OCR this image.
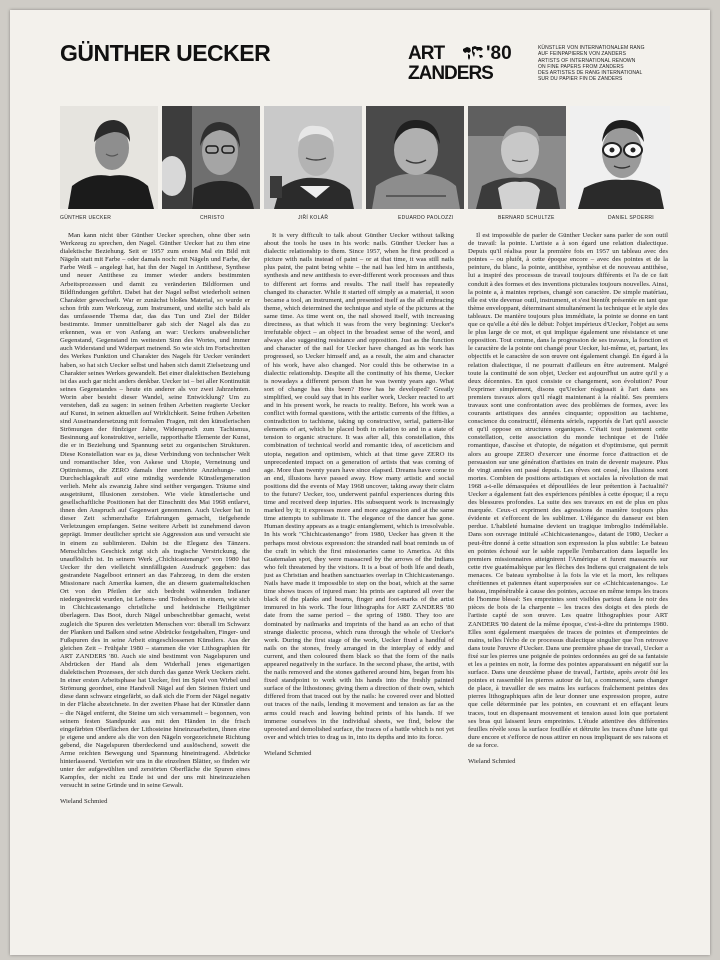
GÜNTHER UECKER	ART '80
ZANDERS
KÜNSTLER VON INTERNATIONALEM RANG
AUF FEINPAPIEREN VON ZANDERS
ARTISTS OF INTERNATIONAL RENOWN
ON FINE PAPERS FROM ZANDERS
DES ARTISTES DE RANG INTERNATIONAL
SUR DU PAPIER FIN DE ZANDERS
GÜNTHER UECKER	CHRISTO	JIŘÍ KOLÁŘ	EDUARDO PAOLOZZI	BERNARD SCHULTZE	DANIEL SPOERRI

Man kann nicht über Günther Uecker sprechen, ohne über sein Werkzeug zu sprechen, den Nagel. Günther Uecker hat zu ihm eine dialektische Beziehung. Seit er 1957 zum ersten Mal ein Bild mit Nägeln statt mit Farbe – oder damals noch: mit Nägeln und Farbe, der Farbe Weiß – angelegt hat, hat ihn der Nagel in Antithese, Synthese und neuer Antithese zu immer wieder anders bestimmten Arbeitsprozessen und damit zu veränderten Bildformen und Bildfindungen geführt. Dabei hat der Nagel selbst wiederholt seinen Charakter gewechselt. War er zunächst bloßes Material, so wurde er schon früh zum Werkzeug, zum Instrument, und stellte sich bald als das umfassende Thema dar, das das Tun und Ziel der Bilder bestimmte. Immer unmittelbarer gab sich der Nagel als das zu erkennen, was er von Anfang an war: Ueckers unabweislicher Gegenstand, Gegenstand im weitesten Sinn des Wortes, und immer auch Widerstand und Widerpart meinend. So wie sich im Fortschreiten des Werkes Funktion und Charakter des Nagels für Uecker verändert haben, so hat sich Uecker selbst und haben sich damit Zielsetzung und Charakter seines Werkes gewandelt. Bei einer dialektischen Beziehung ist das auch gar nicht anders denkbar. Uecker ist – bei aller Kontinuität seines Gegenstandes – heute ein anderer als vor zwei Jahrzehnten. Worin aber besteht dieser Wandel, seine Entwicklung? Um zu verstehen, daß zu sagen: in seinen frühen Arbeiten reagierte Uecker auf Kunst, in seinen aktuellen auf Wirklichkeit. Seine frühen Arbeiten sind Auseinandersetzung mit formalen Fragen, mit den künstlerischen Strömungen der fünfziger Jahre, Widerspruch zum Tachismus, Besinnung auf konstruktive, serielle, rapporthafte Elemente der Kunst, die er in Beziehung und Spannung setzt zu organischen Strukturen. Diese Konstellation war es ja, diese Verbindung von technischer Welt und romantischer Idee, von Askese und Utopie, Verneinung und Optimismus, die ZERO damals ihre unerhörte Anziehungs- und Durchschlagskraft auf eine mündig werdende Künstlergeneration verlieh. Mehr als zwanzig Jahre sind seither vergangen. Träume sind ausgeträumt, Illusionen zerstoben. Wie viele künstlerische und gesellschaftliche Positionen hat der Einschnitt des Mai 1968 entlarvt, ihnen den Anspruch auf Gegenwart genommen. Auch Uecker hat in dieser Zeit schmerzhafte Erfahrungen gemacht, tiefgehende Verletzungen empfangen. Seine weitere Arbeit ist zunehmend davon geprägt. Immer deutlicher spricht sie Aggression aus und versucht sie in einem zu sublimieren. Dahin ist die Eleganz des Tänzers. Menschliches Geschick zeigt sich als tragische Verstrickung, die unauflöslich ist. In seinem Werk „Chichicastenango“ von 1980 hat Uecker ihr den vielleicht sinnfälligsten Ausdruck gegeben: das gestrandete Nagelboot erinnert an das Fahrzeug, in dem die ersten Missionare nach Amerika kamen, die an diesem guatemaltekischen Ort von den Pfeilen der sich bedroht wähnenden Indianer niedergestreckt wurden, ist Lebens- und Todesboot in einem, wie sich in Chichicastenango christliche und heidnische Heiligtümer überlagern. Das Boot, durch Nägel unbeschreibbar gemacht, weist zugleich die Spuren des verletzten Menschen vor: überall im Schwarz der Planken und Balken sind seine Abdrücke festgehalten, Finger- und Fußspuren des in seine Arbeit eingeschlossenen Künstlers. Aus der gleichen Zeit – Frühjahr 1980 – stammen die vier Lithographien für ART ZANDERS '80. Auch sie sind bestimmt von Nagelspuren und Abdrücken der Hand als dem Widerhall jenes eigenartigen dialektischen Prozesses, der sich durch das ganze Werk Ueckers zieht. In einer ersten Arbeitsphase hat Uecker, frei im Spiel von Wirbel und Strömung geordnet, eine Handvoll Nägel auf den Steinen fixiert und diese dann schwarz eingefärbt, so daß sich die Form der Nägel negativ in der Fläche abzeichnete. In der zweiten Phase hat der Künstler dann – die Nägel entfernt, die Steine um sich versammelt – begonnen, von seinem festen Standpunkt aus mit den Händen in die frisch eingefärbten Oberflächen der Lithosteine hineinzuarbeiten, ihnen eine je eigene und andere als die von den Nägeln vorgezeichnete Richtung gebend, die Nagelspuren überdeckend und auslöschend, soweit die Arme reichten Bewegung und Spannung hineintragend. Abdrücke hinterlassend. Vertiefen wir uns in die einzelnen Blätter, so finden wir unter der aufgewühlten und zerstörten Oberfläche die Spuren eines Kampfes, der nicht zu Ende ist und der uns mit hineinzuziehen versucht in seine Gründe und in seine Gewalt.

Wieland Schmied

It is very difficult to talk about Günther Uecker without talking about the tools he uses in his work: nails. Günther Uecker has a dialectic relationship to them. Since 1957, when he first produced a picture with nails instead of paint – or at that time, it was still nails plus paint, the paint being white – the nail has led him in antithesis, synthesis and new antithesis to ever-different work processes and thus to different art forms and results. The nail itself has repeatedly changed its character. While it started off simply as a material, it soon became a tool, an instrument, and presented itself as the all embracing theme, which determined the technique and style of the pictures at the same time. As time went on, the nail showed itself, with increasing directness, as that which it was from the very beginning: Uecker's irrefutable object – an object in the broadest sense of the word, and always also suggesting resistance and opposition. Just as the function and character of the nail for Uecker have changed as his work has progressed, so Uecker himself and, as a result, the aim and character of his work, have also changed. Nor could this be otherwise in a dialectic relationship. Despite all the continuity of his theme, Uecker is nowadays a different person than he was twenty years ago. What sort of change has this been? How has he developed? Greatly simplified, we could say that in his earlier work, Uecker reacted to art and in his present work, he reacts to reality. Before, his work was a conflict with formal questions, with the artistic currents of the fifties, a contradiction to tachisme, taking up constructive, serial, pattern-like elements of art, which he placed both in relation to and in a state of tension to organic structure. It was after all, this constellation, this combination of technical world and romantic idea, of asceticism and utopia, negation and optimism, which at that time gave ZERO its unprecedented impact on a generation of artists that was coming of age. More than twenty years have since elapsed. Dreams have come to an end, illusions have passed away. How many artistic and social positions did the events of May 1968 uncover, taking away their claim to the future? Uecker, too, underwent painful experiences during this time and received deep injuries. His subsequent work is increasingly marked by it; it expresses more and more aggression and at the same time attempts to sublimate it. The elegance of the dancer has gone. Human destiny appears as a tragic entanglement, which is irresolvable. In his work "Chichicastenango" from 1980, Uecker has given it the perhaps most obvious expression: the stranded nail boat reminds us of the craft in which the first missionaries came to America. At this Guatemalan spot, they were massacred by the arrows of the Indians who felt threatened by the visitors. It is a boat of both life and death, just as Christian and heathen sanctuaries overlap in Chichicastenango. Nails have made it impossible to step on the boat, which at the same time shows traces of injured man: his prints are captured all over the black of the planks and beams, finger and foot-marks of the artist immured in his work. The four lithographs for ART ZANDERS '80 date from the same period – the spring of 1980. They too are dominated by nailmarks and imprints of the hand as an echo of that strange dialectic process, which runs through the whole of Uecker's work. During the first stage of the work, Uecker fixed a handful of nails on the stones, freely arranged in the interplay of eddy and current, and then coloured them black so that the form of the nails appeared negatively in the surface. In the second phase, the artist, with the nails removed and the stones gathered around him, began from his fixed standpoint to work with his hands into the freshly painted surface of the lithostones; giving them a direction of their own, which differed from that traced out by the nails: he covered over and blotted out traces of the nails, lending it movement and tension as far as the arms could reach and leaving behind prints of his hands. If we immerse ourselves in the individual sheets, we find, below the uprooted and demolished surface, the traces of a battle which is not yet over and which tries to drag us in, into its depths and into its force.

Wieland Schmied

Il est impossible de parler de Günther Uecker sans parler de son outil de travail: la pointe. L'artiste a à son égard une relation dialectique. Depuis qu'il réalisa pour la première fois en 1957 un tableau avec des pointes – ou plutôt, à cette époque encore – avec des pointes et de la peinture, du blanc, la pointe, antithèse, synthèse et de nouveau antithèse, lui a inspiré des processus de travail toujours différents et l'a de ce fait conduit à des formes et des inventions picturales toujours nouvelles. Ainsi, la pointe a, à maintes reprises, changé son caractère. De simple matériau, elle est vite devenue outil, instrument, et s'est bientôt présentée en tant que thème enveloppant, déterminant simultanément la technique et le style des tableaux. De manière toujours plus immédiate, la pointe se donne en tant que ce qu'elle a été dès le début: l'objet impérieux d'Uecker, l'objet au sens le plus large de ce mot, et qui implique également une résistance et une opposition. Tout comme, dans la progression de ses travaux, la fonction et le caractère de la pointe ont changé pour Uecker, lui-même, et, partant, les objectifs et le caractère de son œuvre ont également changé. En égard à la relation dialectique, il ne pourrait d'ailleurs en être autrement. Malgré toute la continuité de son objet, Uecker est aujourd'hui un autre qu'il y a deux décennies. En quoi consiste ce changement, son évolution? Pour l'exprimer simplement, disons qu'Uecker réagissait à l'art dans ses premiers travaux alors qu'il réagit maintenant à la réalité. Ses premiers travaux sont une confrontation avec des problèmes de formes, avec les courants artistiques des années cinquante; opposition au tachisme, conscience du constructif, éléments sériels, rapportés de l'art qu'il associe et qu'il oppose en structures organiques. C'était tout justement cette constellation, cette association du monde technique et de l'idée romantique, d'ascèse et d'utopie, de négation et d'optimisme, qui permit alors au groupe ZERO d'exercer une énorme force d'attraction et de persuasion sur une génération d'artistes en train de devenir majeure. Plus de vingt années ont passé depuis. Les rêves ont cessé, les illusions sont mortes. Combien de positions artistiques et sociales la révolution de mai 1968 a-t-elle démasquées et dépouillées de leur prétention à l'actualité? Uecker a également fait des expériences pénibles à cette époque; il a reçu des blessures profondes. La suite des ses travaux en est de plus en plus marquée. Ceux-ci expriment des agressions de manière toujours plus évidente et s'efforcent de les sublimer. L'élégance du danseur est bien perdue. L'habileté humaine devient un tragique imbroglio indémêlable. Dans son ouvrage intitulé «Chichicastenango», datant de 1980, Uecker a peut-être donné à cette situation son expression la plus subtile: Le bateau en pointes échoué sur le sable rappelle l'embarcation dans laquelle les premiers missionnaires atteignirent l'Amérique et furent massacrés sur cette rive guatémaltèque par les flèches des Indiens qui craignaient de tels menaces. Ce bateau symbolise à la fois la vie et la mort, les reliques chrétiennes et païennes étant superposées sur ce «Chichicastenango». Le bateau, impénétrable à cause des pointes, accuse en même temps les traces de l'homme blessé: Ses empreintes sont visibles partout dans le noir des pièces de bois de la charpente – les traces des doigts et des pieds de l'artiste capté de son œuvre. Les quatre lithographies pour ART ZANDERS '80 datent de la même époque, c'est-à-dire du printemps 1980. Elles sont également marquées de traces de pointes et d'empreintes de mains, telles l'écho de ce processus dialectique singulier que l'on retrouve dans toute l'œuvre d'Uecker. Dans une première phase de travail, Uecker a fixé sur les pierres une poignée de pointes ordonnées au gré de sa fantaisie et les a peintes en noir, la forme des pointes apparaissant en négatif sur la surface. Dans une deuxième phase de travail, l'artiste, après avoir ôté les pointes et rassemblé les pierres autour de lui, a commencé, sans changer de place, à travailler de ses mains les surfaces fraîchement peintes des pierres lithographiques afin de leur donner une expression propre, autre que celle déterminée par les pointes, en couvrant et en effaçant leurs traces, tout en dispensant mouvement et tension aussi loin que portaient ses bras qui laissent leurs empreintes. L'étude attentive des différentes feuilles révèle sous la surface fouillée et détruite les traces d'une lutte qui dure encore et s'efforce de nous attirer en nous impliquant de ses raisons et de sa force.

Wieland Schmied
